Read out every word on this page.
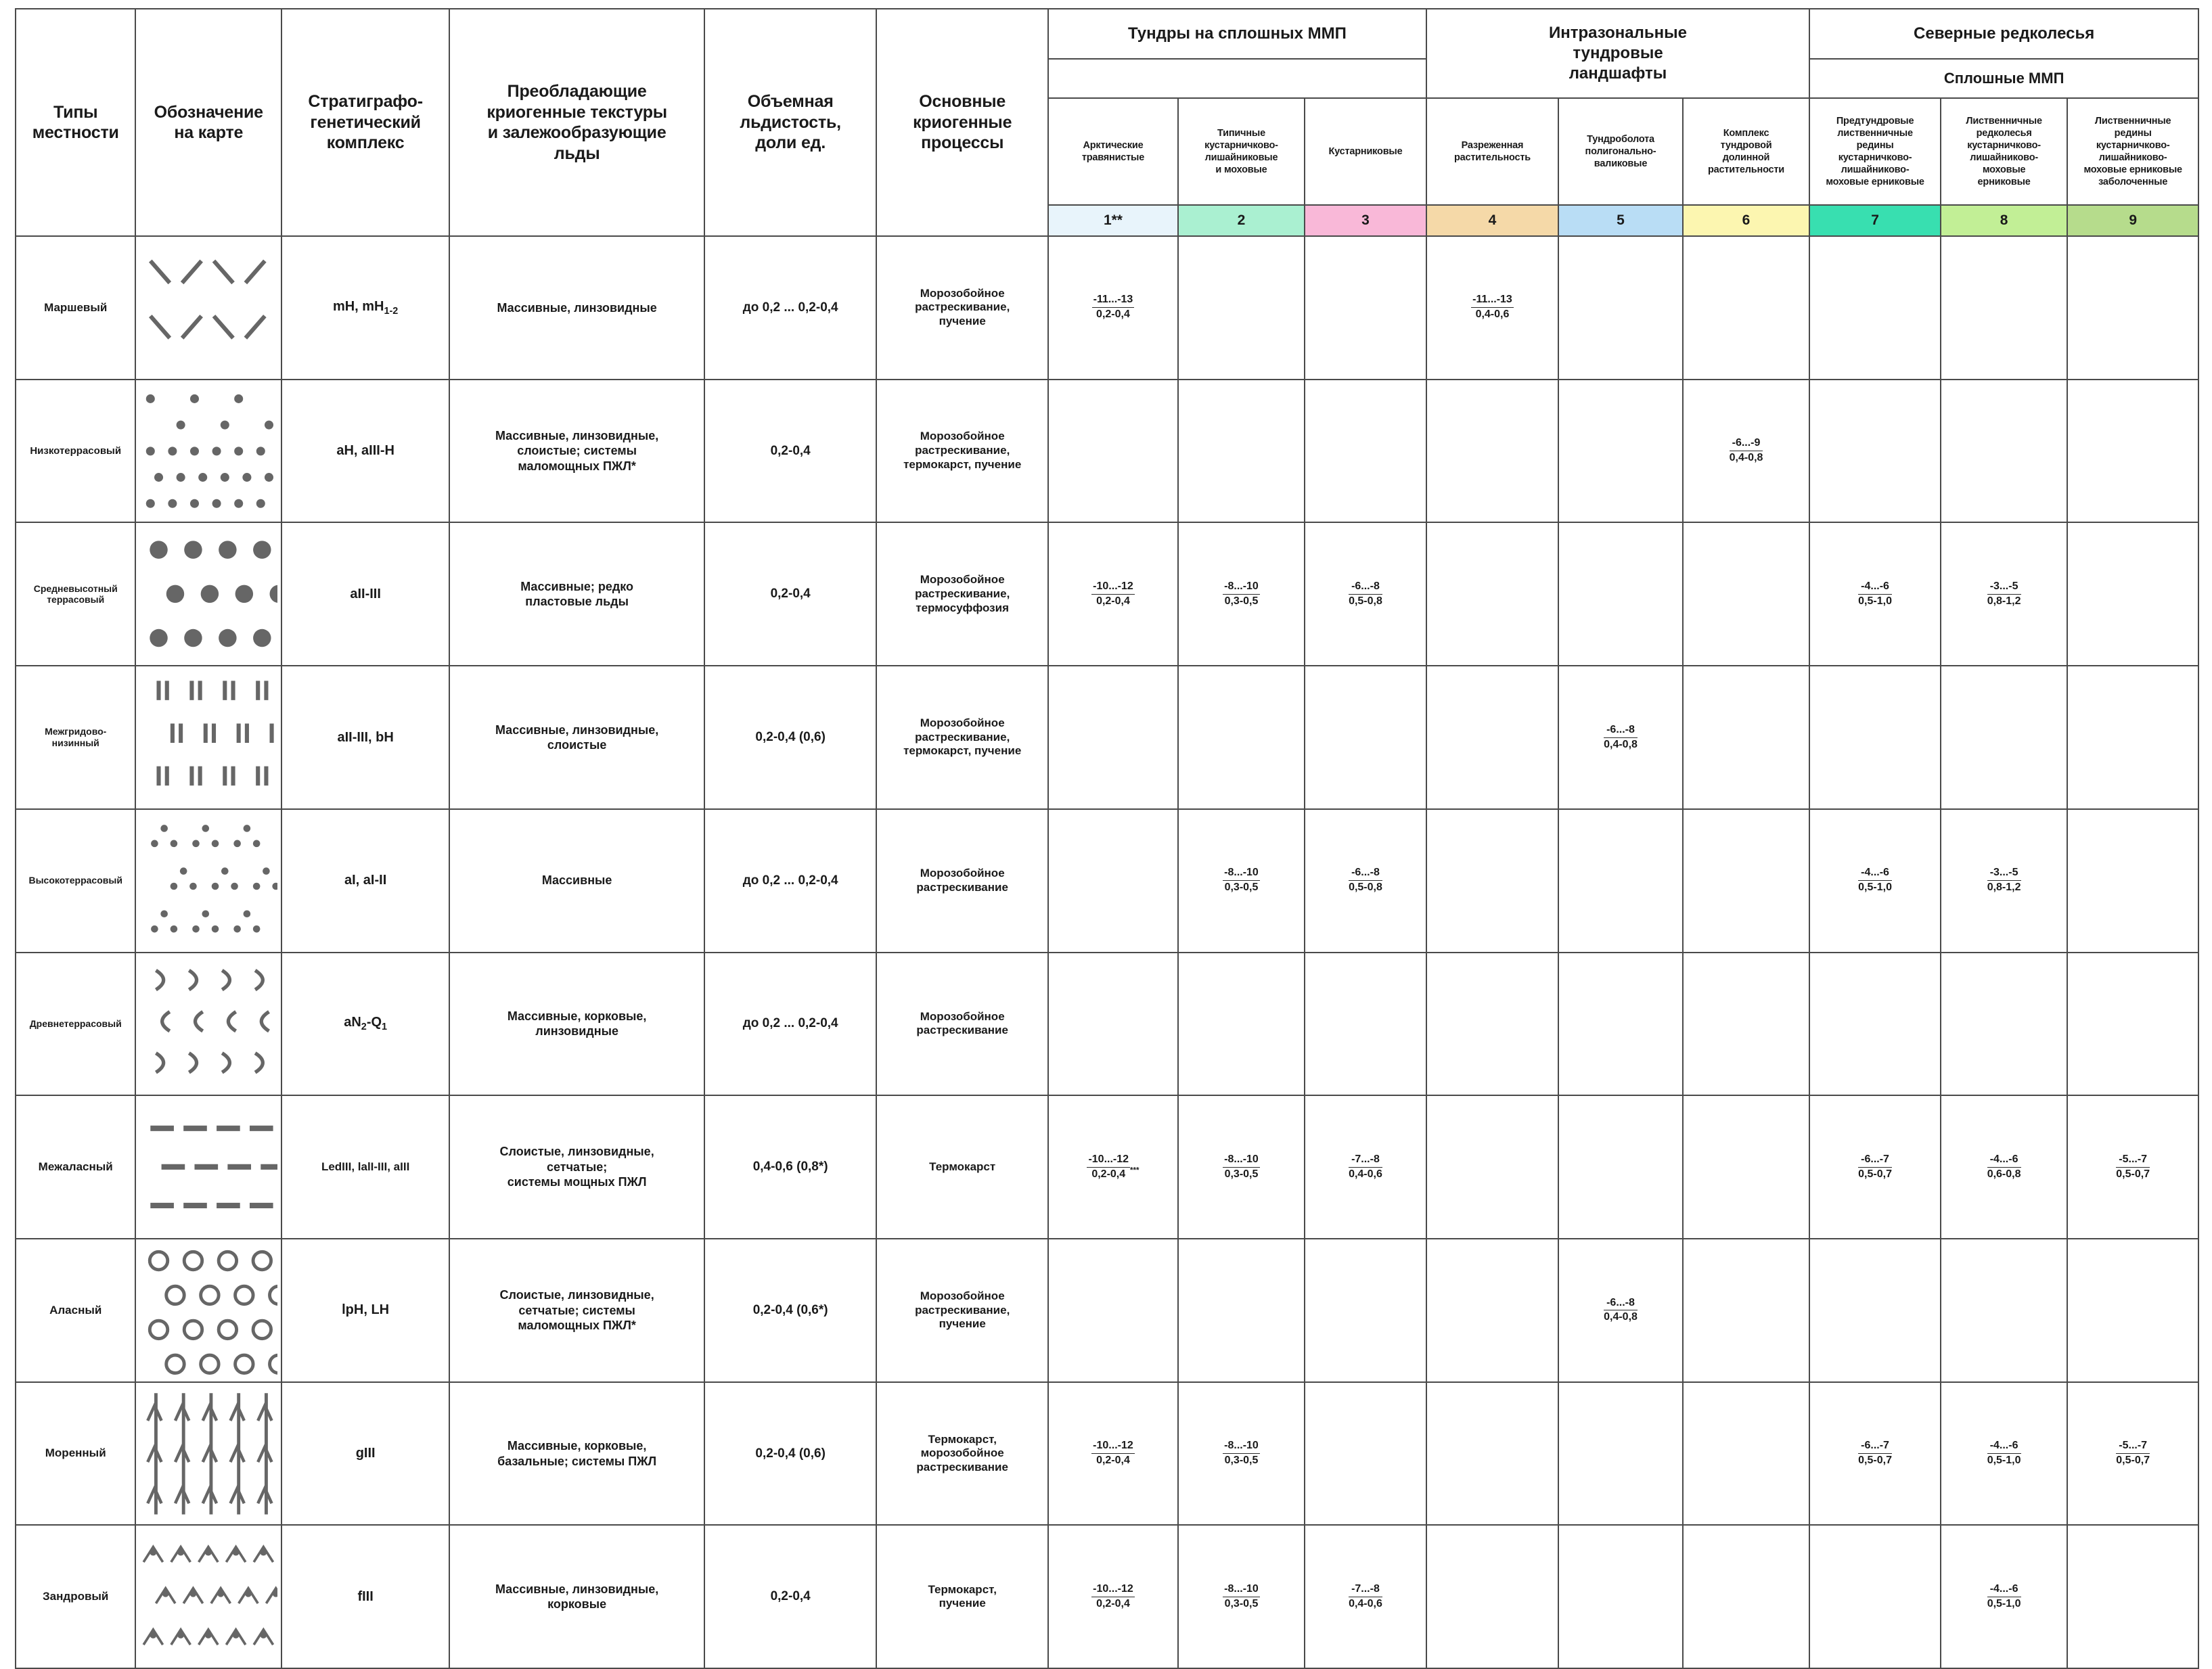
Типы
местности	Обозначение
на карте	Стратиграфо-
генетический
комплекс	Преобладающие
криогенные текстуры
и залежообразующие
льды	Объемная
льдистость,
доли ед.	Основные
криогенные
процессы	Тундры на сплошных ММП			Интразональные
тундровые
ландшафты			Северные редколесья		
												Сплошные ММП		
Арктические
травянистые	Типичные
кустарничково-
лишайниковые
и моховые	Кустарниковые	Разреженная
растительность	Тундроболота
полигонально-
валиковые	Комплекс
тундровой
долинной
растительности	Предтундровые
лиственничные
редины
кустарничково-
лишайниково-
моховые ерниковые	Лиственничные
редколесья
кустарничково-
лишайниково-
моховые
ерниковые	Лиственничные
редины
кустарничково-
лишайниково-
моховые ерниковые
заболоченные
						1**	2	3	4	5	6	7	8	9
Маршевый		mH, $mH_{1-2}$	Массивные, линзовидные	до 0,2 ... 0,2-0,4	Морозобойное
растрескивание,
пучение	$\frac{-11...-13}{0,2-0,4}$			$\frac{-11...-13}{0,4-0,6}$

Низкотеррасовый		aH, aIII-H	Массивные, линзовидные,
слоистые; системы
маломощных ПЖЛ*	0,2-0,4	Морозобойное
растрескивание,
термокарст, пучение						$\frac{-6...-9}{0,4-0,8}$

Средневысотный
террасовый		aII-III	Массивные; редко
пластовые льды	0,2-0,4	Морозобойное
растрескивание,
термосуффозия	$\frac{-10...-12}{0,2-0,4}$	$\frac{-8...-10}{0,3-0,5}$	$\frac{-6...-8}{0,5-0,8}$				$\frac{-4...-6}{0,5-1,0}$	$\frac{-3...-5}{0,8-1,2}$

Межгридово-
низинный		aII-III, bH	Массивные, линзовидные,
слоистые	0,2-0,4 (0,6)	Морозобойное
растрескивание,
термокарст, пучение					$\frac{-6...-8}{0,4-0,8}$

Высокотеррасовый		aI, aI-II	Массивные	до 0,2 ... 0,2-0,4	Морозобойное
растрескивание		$\frac{-8...-10}{0,3-0,5}$	$\frac{-6...-8}{0,5-0,8}$				$\frac{-4...-6}{0,5-1,0}$	$\frac{-3...-5}{0,8-1,2}$

Древнетеррасовый		$aN_2-Q_1$	Массивные, корковые,
линзовидные	до 0,2 ... 0,2-0,4	Морозобойное
растрескивание									
Межаласный		LedIII, lalI-III, aIII	Слоистые, линзовидные,
сетчатые;
системы мощных ПЖЛ	0,4-0,6 (0,8*)	Термокарст	$\frac{-10...-12}{0,2-0,4} ^{***}$	$\frac{-8...-10}{0,3-0,5}$	$\frac{-7...-8}{0,4-0,6}$				$\frac{-6...-7}{0,5-0,7}$	$\frac{-4...-6}{0,6-0,8}$	$\frac{-5...-7}{0,5-0,7}$

Аласный		lpH, LH	Слоистые, линзовидные,
сетчатые; системы
маломощных ПЖЛ*	0,2-0,4 (0,6*)	Морозобойное
растрескивание,
пучение					$\frac{-6...-8}{0,4-0,8}$

Моренный		gIII	Массивные, корковые,
базальные; системы ПЖЛ	0,2-0,4 (0,6)	Термокарст,
морозобойное
растрескивание	$\frac{-10...-12}{0,2-0,4}$	$\frac{-8...-10}{0,3-0,5}$					$\frac{-6...-7}{0,5-0,7}$	$\frac{-4...-6}{0,5-1,0}$	$\frac{-5...-7}{0,5-0,7}$

Зандровый		fIII	Массивные, линзовидные,
корковые	0,2-0,4	Термокарст,
пучение	$\frac{-10...-12}{0,2-0,4}$	$\frac{-8...-10}{0,3-0,5}$	$\frac{-7...-8}{0,4-0,6}$					$\frac{-4...-6}{0,5-1,0}$
